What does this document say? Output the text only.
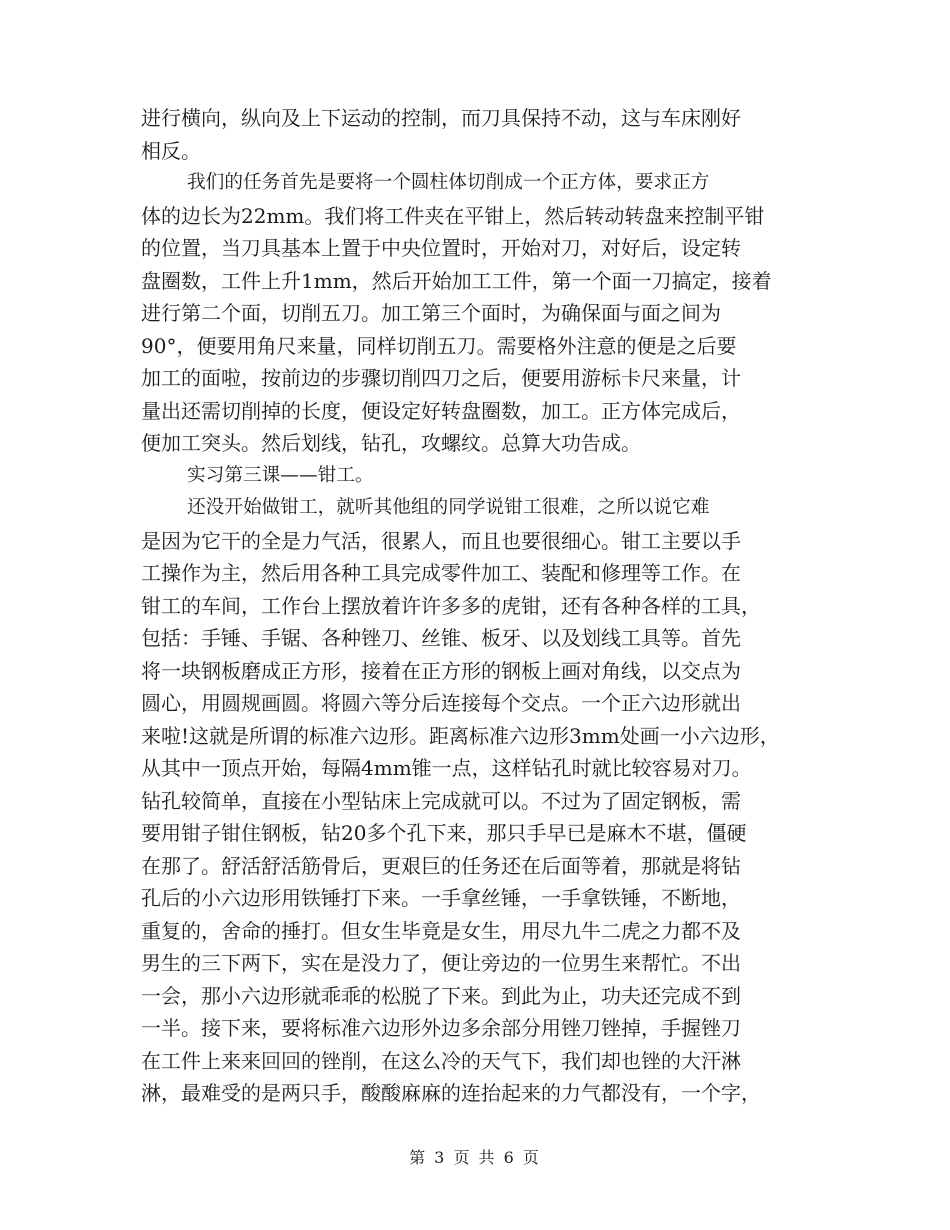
进行横向，纵向及上下运动的控制，而刀具保持不动，这与车床刚好
相反。
我们的任务首先是要将一个圆柱体切削成一个正方体，要求正方
体的边长为22mm。我们将工件夹在平钳上，然后转动转盘来控制平钳
的位置，当刀具基本上置于中央位置时，开始对刀，对好后，设定转
盘圈数，工件上升1mm，然后开始加工工件，第一个面一刀搞定，接着
进行第二个面，切削五刀。加工第三个面时，为确保面与面之间为
90°，便要用角尺来量，同样切削五刀。需要格外注意的便是之后要
加工的面啦，按前边的步骤切削四刀之后，便要用游标卡尺来量，计
量出还需切削掉的长度，便设定好转盘圈数，加工。正方体完成后，
便加工突头。然后划线，钻孔，攻螺纹。总算大功告成。
实习第三课——钳工。
还没开始做钳工，就听其他组的同学说钳工很难，之所以说它难
是因为它干的全是力气活，很累人，而且也要很细心。钳工主要以手
工操作为主，然后用各种工具完成零件加工、装配和修理等工作。在
钳工的车间，工作台上摆放着许许多多的虎钳，还有各种各样的工具，
包括：手锤、手锯、各种锉刀、丝锥、板牙、以及划线工具等。首先
将一块钢板磨成正方形，接着在正方形的钢板上画对角线，以交点为
圆心，用圆规画圆。将圆六等分后连接每个交点。一个正六边形就出
来啦!这就是所谓的标准六边形。距离标准六边形3mm处画一小六边形，
从其中一顶点开始，每隔4mm锥一点，这样钻孔时就比较容易对刀。
钻孔较简单，直接在小型钻床上完成就可以。不过为了固定钢板，需
要用钳子钳住钢板，钻20多个孔下来，那只手早已是麻木不堪，僵硬
在那了。舒活舒活筋骨后，更艰巨的任务还在后面等着，那就是将钻
孔后的小六边形用铁锤打下来。一手拿丝锤，一手拿铁锤，不断地，
重复的，舍命的捶打。但女生毕竟是女生，用尽九牛二虎之力都不及
男生的三下两下，实在是没力了，便让旁边的一位男生来帮忙。不出
一会，那小六边形就乖乖的松脱了下来。到此为止，功夫还完成不到
一半。接下来，要将标准六边形外边多余部分用锉刀锉掉，手握锉刀
在工件上来来回回的锉削，在这么冷的天气下，我们却也锉的大汗淋
淋，最难受的是两只手，酸酸麻麻的连抬起来的力气都没有，一个字，
第 3 页 共 6 页
